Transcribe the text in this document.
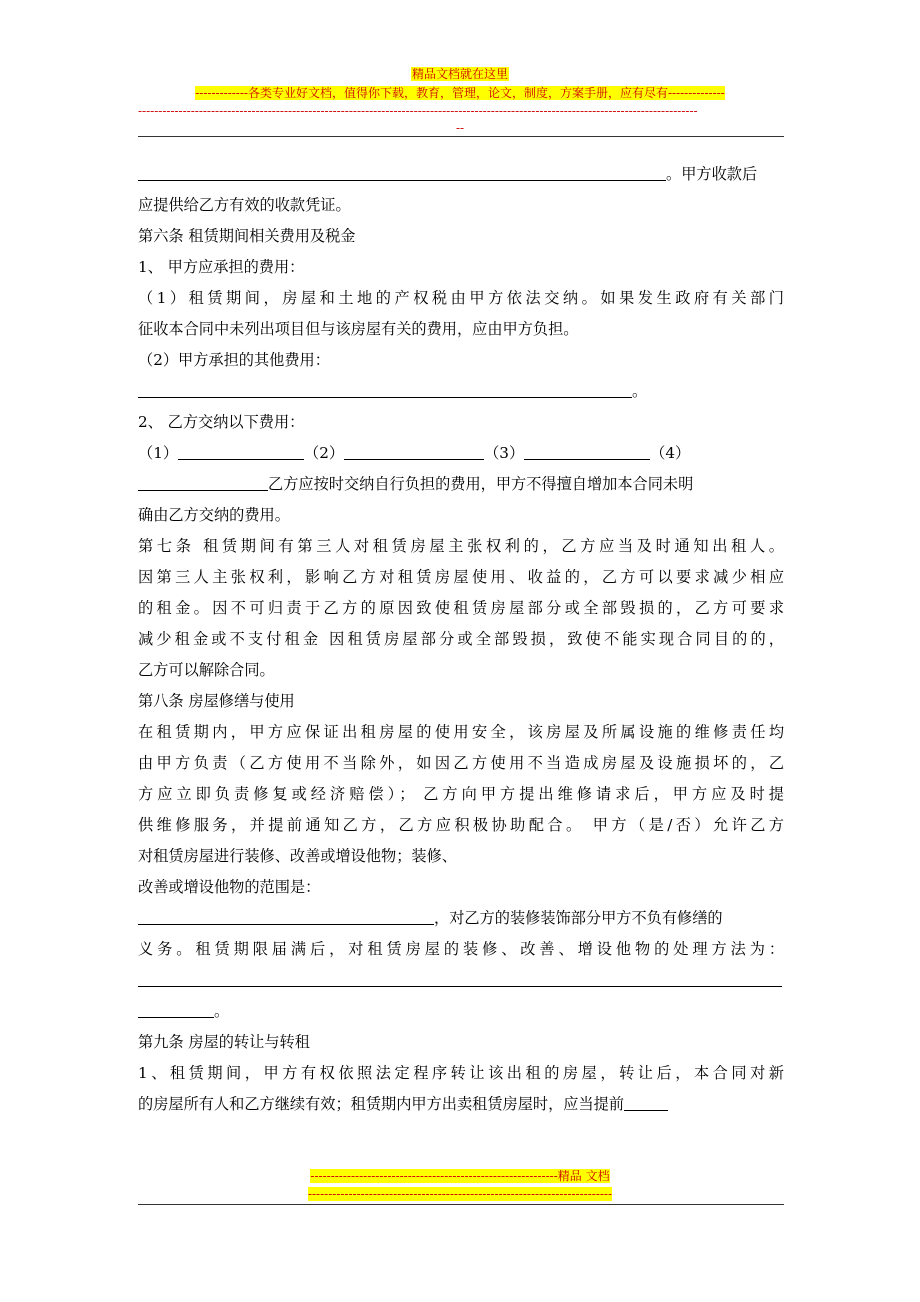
精品文档就在这里
-------------各类专业好文档，值得你下载，教育，管理，论文，制度，方案手册，应有尽有--------------
------------------------------------------------------------------------------------------------------------------------------------------
--

。甲方收款后

应提供给乙方有效的收款凭证。

第六条 租赁期间相关费用及税金

1、 甲方应承担的费用：

（1）租赁期间，房屋和土地的产权税由甲方依法交纳。如果发生政府有关部门

征收本合同中未列出项目但与该房屋有关的费用，应由甲方负担。

（2）甲方承担的其他费用：

。

2、 乙方交纳以下费用：

（1）	（2）	（3）	（4）

乙方应按时交纳自行负担的费用，甲方不得擅自增加本合同未明

确由乙方交纳的费用。

第七条 租赁期间有第三人对租赁房屋主张权利的，乙方应当及时通知出租人。

因第三人主张权利，影响乙方对租赁房屋使用、收益的，乙方可以要求减少相应

的租金。因不可归责于乙方的原因致使租赁房屋部分或全部毁损的，乙方可要求

减少租金或不支付租金 因租赁房屋部分或全部毁损，致使不能实现合同目的的，

乙方可以解除合同。

第八条 房屋修缮与使用

在租赁期内，甲方应保证出租房屋的使用安全，该房屋及所属设施的维修责任均

由甲方负责（乙方使用不当除外，如因乙方使用不当造成房屋及设施损坏的，乙

方应立即负责修复或经济赔偿）； 乙方向甲方提出维修请求后，甲方应及时提

供维修服务，并提前通知乙方，乙方应积极协助配合。 甲方（是/否）允许乙方

对租赁房屋进行装修、改善或增设他物；装修、

改善或增设他物的范围是：

，对乙方的装修装饰部分甲方不负有修缮的

义务。租赁期限届满后，对租赁房屋的装修、改善、增设他物的处理方法为：

。

第九条 房屋的转让与转租

1、租赁期间，甲方有权依照法定程序转让该出租的房屋，转让后，本合同对新

的房屋所有人和乙方继续有效；租赁期内甲方出卖租赁房屋时，应当提前

-------------------------------------------------------------精品 文档
---------------------------------------------------------------------------
